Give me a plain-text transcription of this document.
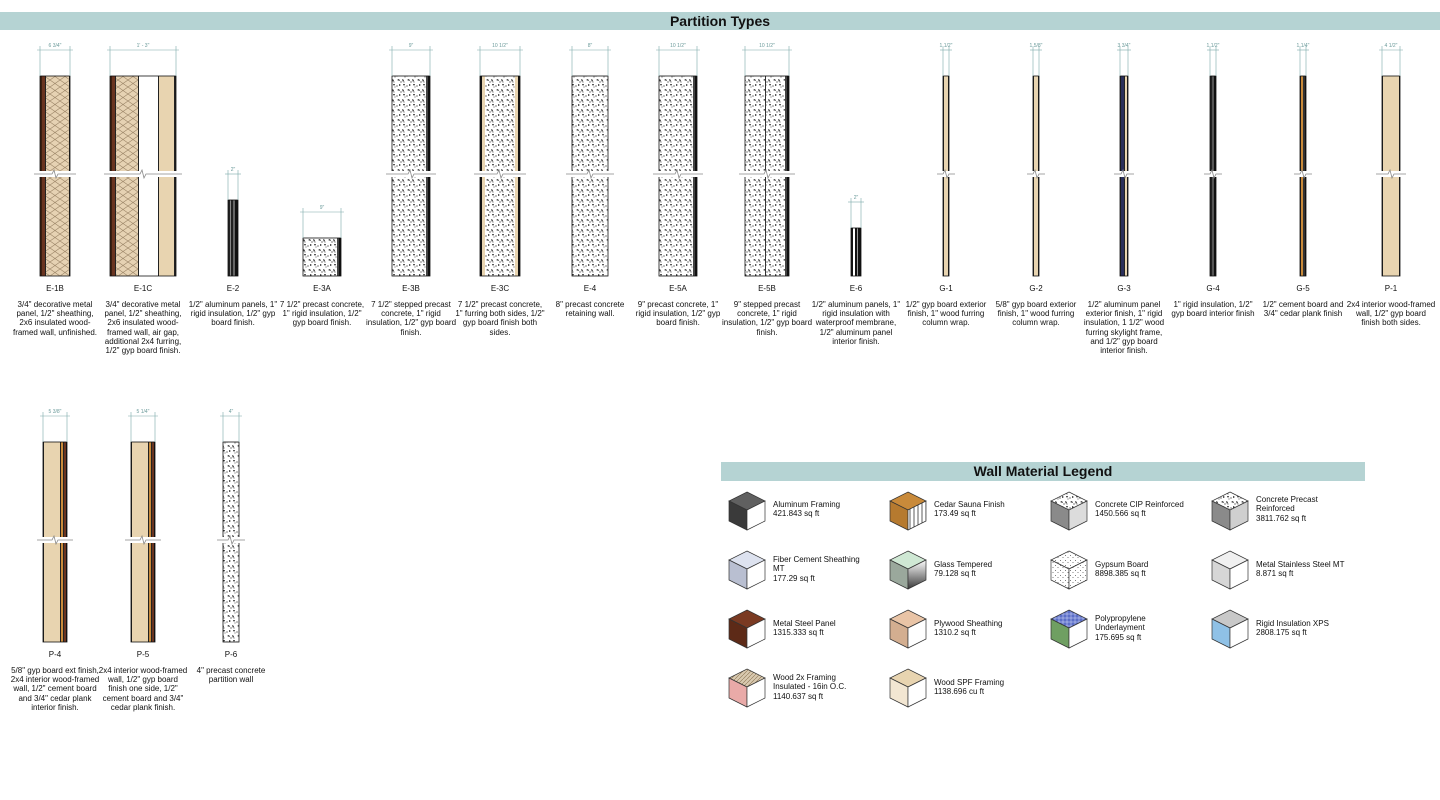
Partition Types
6 3/4"
E-1B
3/4" decorative metal panel, 1/2" sheathing, 2x6 insulated wood-framed wall, unfinished.
1' - 3"
E-1C
3/4" decorative metal panel, 1/2" sheathing, 2x6 insulated wood-framed wall, air gap, additional 2x4 furring, 1/2" gyp board finish.
2"
E-2
1/2" aluminum panels, 1" rigid insulation, 1/2" gyp board finish.
9"
E-3A
7 1/2" precast concrete, 1" rigid insulation, 1/2" gyp board finish.
9"
E-3B
7 1/2" stepped precast concrete, 1" rigid insulation, 1/2" gyp board finish.
10 1/2"
E-3C
7 1/2" precast concrete, 1" furring both sides, 1/2" gyp board finish both sides.
8"
E-4
8" precast concrete retaining wall.
10 1/2"
E-5A
9" precast concrete, 1" rigid insulation, 1/2" gyp board finish.
10 1/2"
E-5B
9" stepped precast concrete, 1" rigid insulation, 1/2" gyp board finish.
2"
E-6
1/2" aluminum panels, 1" rigid insulation with waterproof membrane, 1/2" aluminum panel interior finish.
1 1/2"
G-1
1/2" gyp board exterior finish, 1" wood furring column wrap.
1 5/8"
G-2
5/8" gyp board exterior finish, 1" wood furring column wrap.
3 3/4"
G-3
1/2" aluminum panel exterior finish, 1" rigid insulation, 1 1/2" wood furring skylight frame, and 1/2" gyp board interior finish.
1 1/2"
G-4
1" rigid insulation, 1/2" gyp board interior finish
1 1/4"
G-5
1/2" cement board and 3/4" cedar plank finish
4 1/2"
P-1
2x4 interior wood-framed wall, 1/2" gyp board finish both sides.
5 3/8"
P-4
5/8" gyp board ext finish, 2x4 interior wood-framed wall, 1/2" cement board and 3/4" cedar plank interior finish.
5 1/4"
P-5
2x4 interior wood-framed wall, 1/2" gyp board finish one side, 1/2" cement board and 3/4" cedar plank finish.
4"
P-6
4" precast concrete partition wall
Wall Material Legend
Aluminum Framing
421.843 sq ft
Cedar Sauna Finish
173.49 sq ft
Concrete CIP Reinforced
1450.566 sq ft
Concrete Precast Reinforced
3811.762 sq ft
Fiber Cement Sheathing MT
177.29 sq ft
Glass Tempered
79.128 sq ft
Gypsum Board
8898.385 sq ft
Metal Stainless Steel MT
8.871 sq ft
Metal Steel Panel
1315.333 sq ft
Plywood Sheathing
1310.2 sq ft
Polypropylene Underlayment
175.695 sq ft
Rigid Insulation XPS
2808.175 sq ft
Wood 2x Framing Insulated - 16in O.C.
1140.637 sq ft
Wood SPF Framing
1138.696 cu ft
